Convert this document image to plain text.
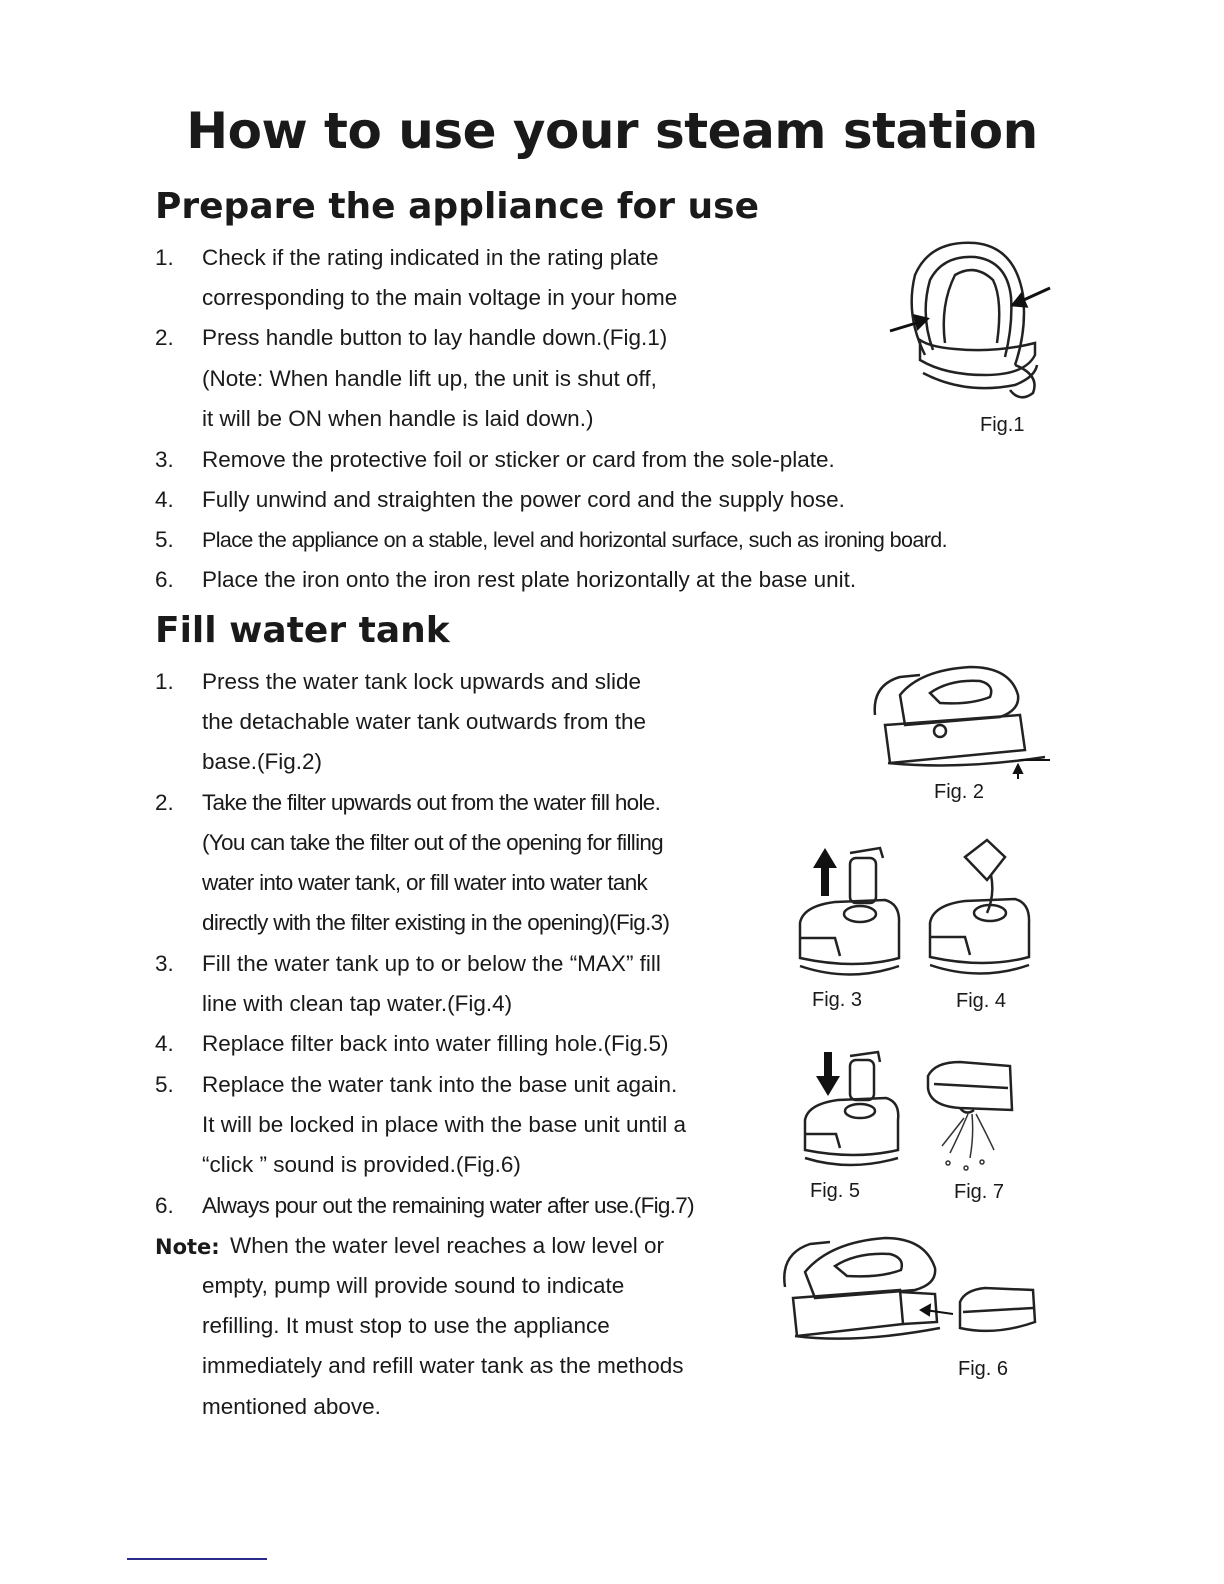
How to use your steam station
Prepare the appliance for use
1. Check if the rating indicated in the rating plate
corresponding to the main voltage in your home
2. Press handle button to lay handle down.(Fig.1)
(Note: When handle lift up, the unit is shut off,
it will be ON when handle is laid down.)
3. Remove the protective foil or sticker or card from the sole-plate.
4. Fully unwind and straighten the power cord and the supply hose.
5. Place the appliance on a stable, level and horizontal surface, such as ironing board.
6. Place the iron onto the iron rest plate horizontally at the base unit.
Fill water tank
1. Press the water tank lock upwards and slide
the detachable water tank outwards from the
base.(Fig.2)
2. Take the filter upwards out from the water fill hole.
(You can take the filter out of the opening for filling
water into water tank, or fill water into water tank
directly with the filter existing in the opening)(Fig.3)
3. Fill the water tank up to or below the “MAX” fill
line with clean tap water.(Fig.4)
4. Replace filter back into water filling hole.(Fig.5)
5. Replace the water tank into the base unit again.
It will be locked in place with the base unit until a
“click ” sound is provided.(Fig.6)
6. Always pour out the remaining water after use.(Fig.7)
Note: When the water level reaches a low level or
empty, pump will provide sound to indicate
refilling. It must stop to use the appliance
immediately and refill water tank as the methods
mentioned above.
Fig.1
Fig. 2
Fig. 3	Fig. 4
Fig. 5	Fig. 7
Fig. 6
